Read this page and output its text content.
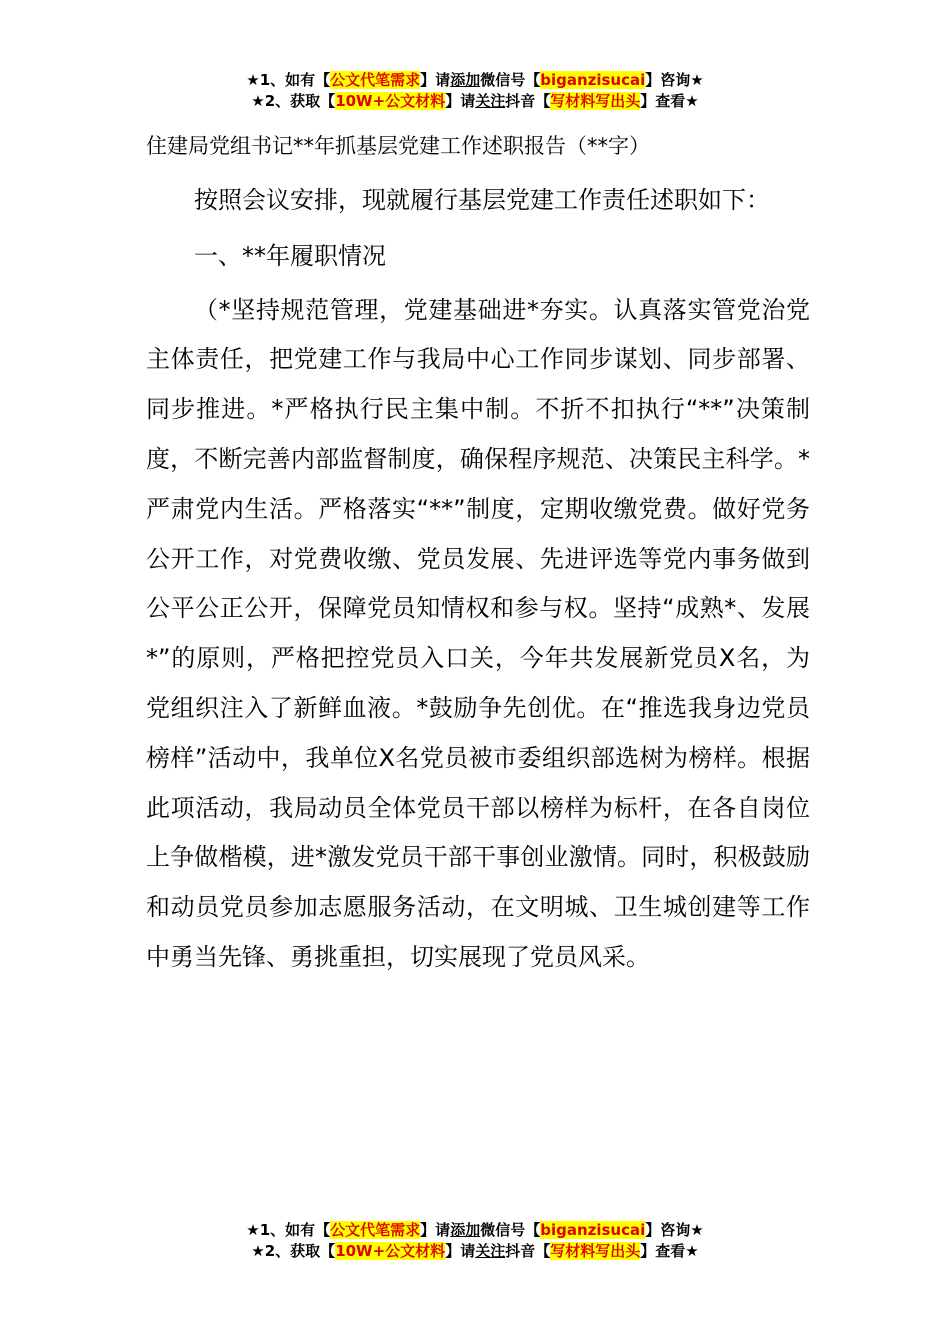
★1、如有【公文代笔需求】请添加微信号【biganzisucai】咨询★
★2、获取【10W+公文材料】请关注抖音【写材料写出头】查看★
住建局党组书记**年抓基层党建工作述职报告（**字）

按照会议安排，现就履行基层党建工作责任述职如下：

一、**年履职情况

（*坚持规范管理，党建基础进*夯实。认真落实管党治党主体责任，把党建工作与我局中心工作同步谋划、同步部署、同步推进。*严格执行民主集中制。不折不扣执行“**”决策制度，不断完善内部监督制度，确保程序规范、决策民主科学。*严肃党内生活。严格落实“**”制度，定期收缴党费。做好党务公开工作，对党费收缴、党员发展、先进评选等党内事务做到公平公正公开，保障党员知情权和参与权。坚持“成熟*、发展*”的原则，严格把控党员入口关，今年共发展新党员X名，为党组织注入了新鲜血液。*鼓励争先创优。在“推选我身边党员榜样”活动中，我单位X名党员被市委组织部选树为榜样。根据此项活动，我局动员全体党员干部以榜样为标杆，在各自岗位上争做楷模，进*激发党员干部干事创业激情。同时，积极鼓励和动员党员参加志愿服务活动，在文明城、卫生城创建等工作中勇当先锋、勇挑重担，切实展现了党员风采。

★1、如有【公文代笔需求】请添加微信号【biganzisucai】咨询★
★2、获取【10W+公文材料】请关注抖音【写材料写出头】查看★
